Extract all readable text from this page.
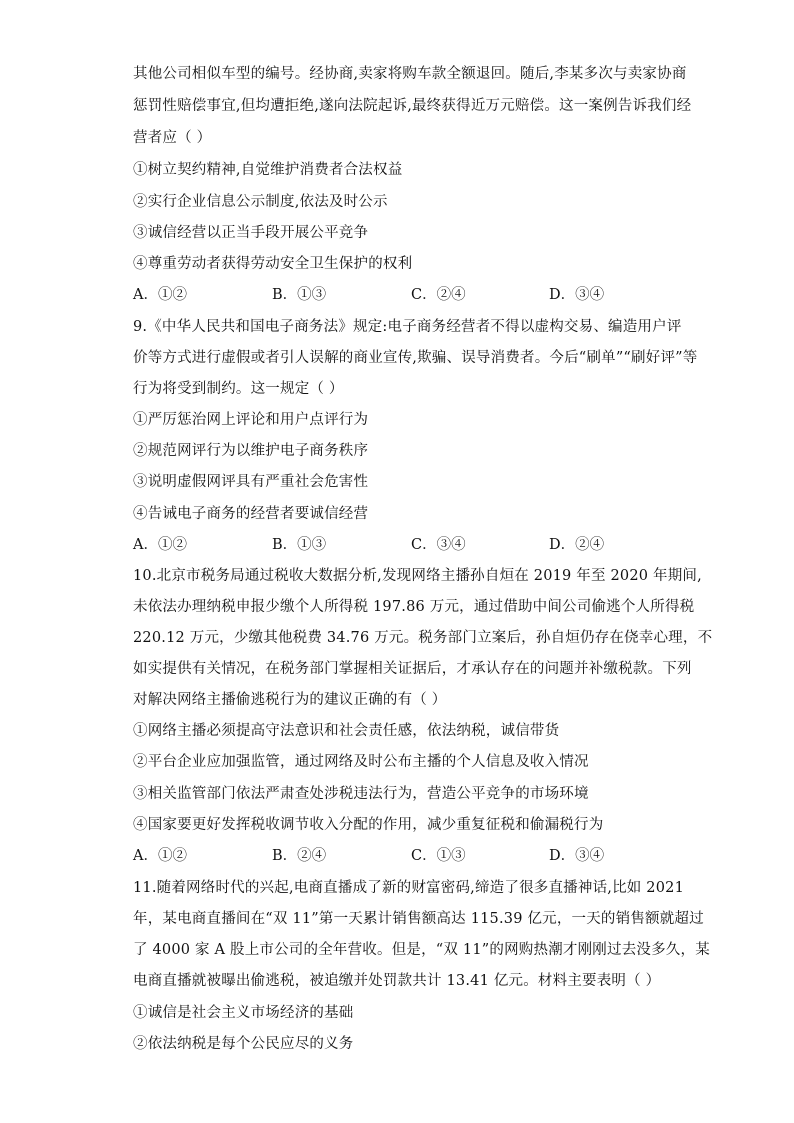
其他公司相似车型的编号。经协商,卖家将购车款全额退回。随后,李某多次与卖家协商
惩罚性赔偿事宜,但均遭拒绝,遂向法院起诉,最终获得近万元赔偿。这一案例告诉我们经
营者应（ ）
①树立契约精神,自觉维护消费者合法权益
②实行企业信息公示制度,依法及时公示
③诚信经营以正当手段开展公平竞争
④尊重劳动者获得劳动安全卫生保护的权利
A．①②	B．①③	C．②④	D．③④
9.《中华人民共和国电子商务法》规定:电子商务经营者不得以虚构交易、编造用户评
价等方式进行虚假或者引人误解的商业宣传,欺骗、误导消费者。今后“刷单”“刷好评”等
行为将受到制约。这一规定（ ）
①严厉惩治网上评论和用户点评行为
②规范网评行为以维护电子商务秩序
③说明虚假网评具有严重社会危害性
④告诫电子商务的经营者要诚信经营
A．①②	B．①③	C．③④	D．②④
10.北京市税务局通过税收大数据分析,发现网络主播孙自烜在 2019 年至 2020 年期间,
未依法办理纳税申报少缴个人所得税 197.86 万元，通过借助中间公司偷逃个人所得税
220.12 万元，少缴其他税费 34.76 万元。税务部门立案后，孙自烜仍存在侥幸心理，不
如实提供有关情况，在税务部门掌握相关证据后，才承认存在的问题并补缴税款。下列
对解决网络主播偷逃税行为的建议正确的有（ ）
①网络主播必须提高守法意识和社会责任感，依法纳税，诚信带货
②平台企业应加强监管，通过网络及时公布主播的个人信息及收入情况
③相关监管部门依法严肃查处涉税违法行为，营造公平竞争的市场环境
④国家要更好发挥税收调节收入分配的作用，减少重复征税和偷漏税行为
A．①②	B．②④	C．①③	D．③④
11.随着网络时代的兴起,电商直播成了新的财富密码,缔造了很多直播神话,比如 2021
年，某电商直播间在“双 11”第一天累计销售额高达 115.39 亿元，一天的销售额就超过
了 4000 家 A 股上市公司的全年营收。但是，“双 11”的网购热潮才刚刚过去没多久，某
电商直播就被曝出偷逃税，被追缴并处罚款共计 13.41 亿元。材料主要表明（ ）
①诚信是社会主义市场经济的基础
②依法纳税是每个公民应尽的义务
